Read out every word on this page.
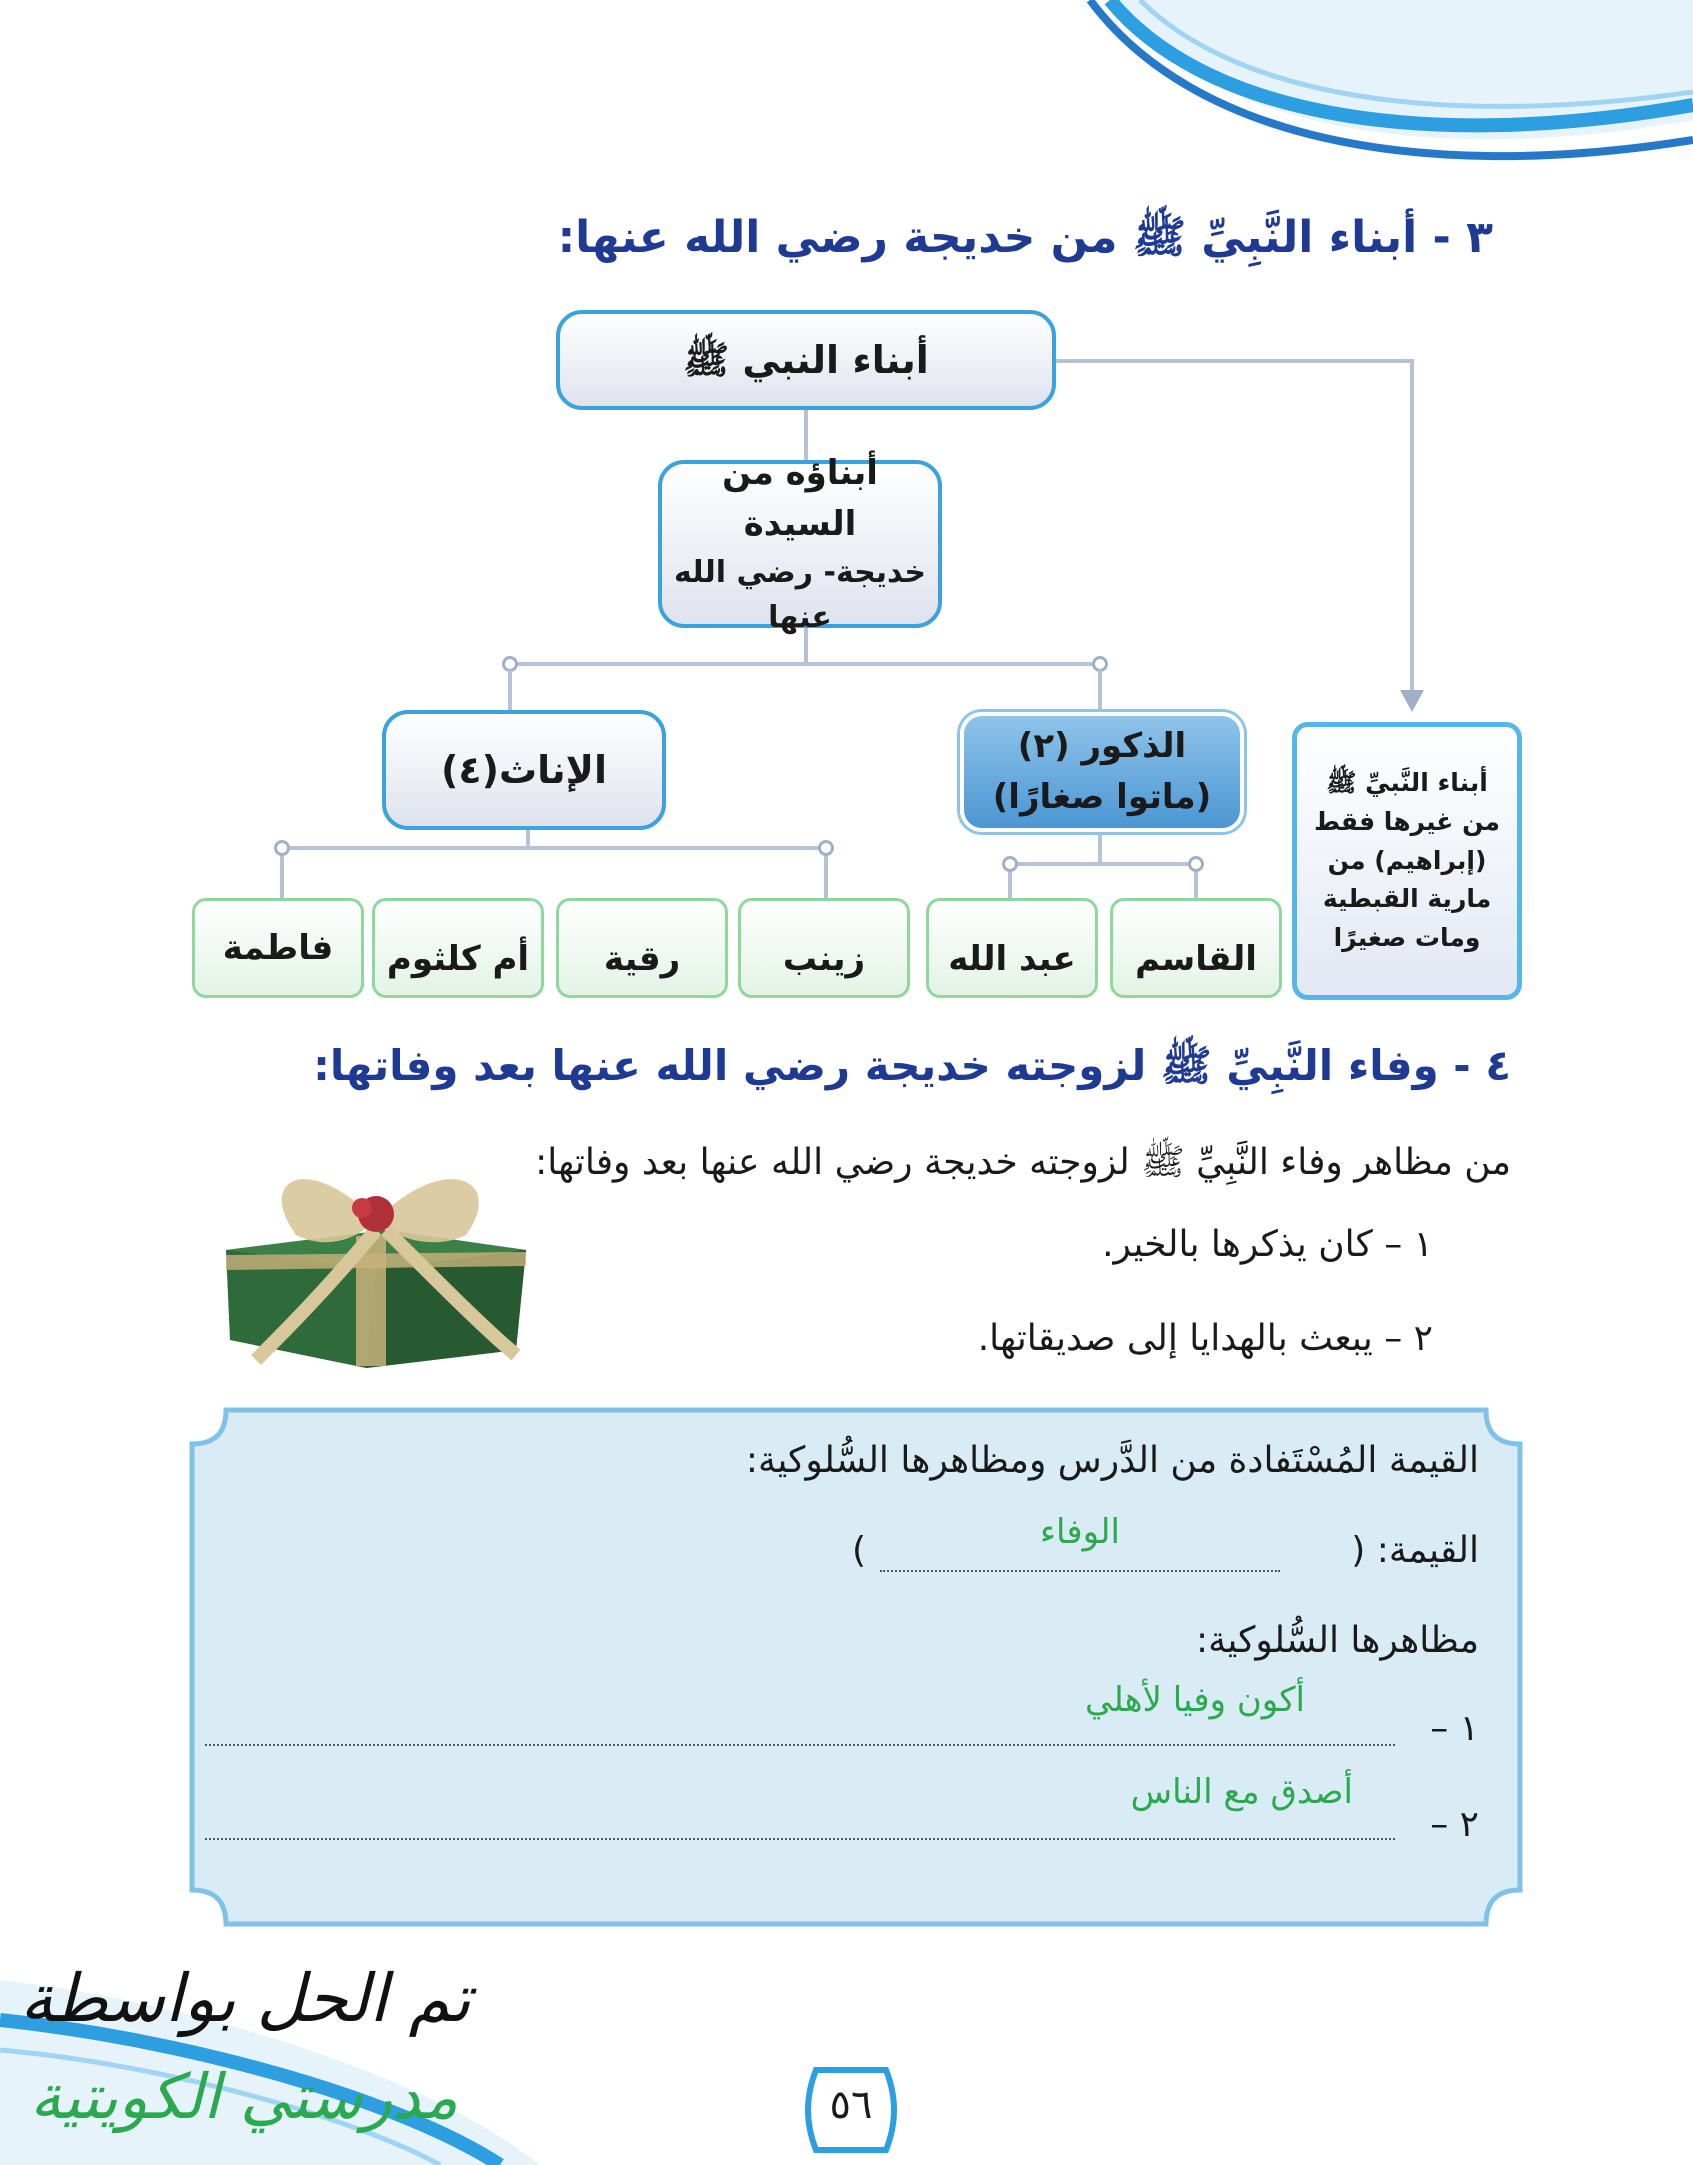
٣ - أبناء النَّبِيِّ ﷺ من خديجة رضي الله عنها:
أبناء النبي ﷺ
أبناؤه من السيدة
خديجة- رضي الله عنها
الإناث(٤)
الذكور (٢)
(ماتوا صغارًا)	أبناء النَّبيِّ ﷺ
من غيرها فقط
(إبراهيم) من
مارية القبطية
ومات صغيرًا
القاسم
عبد الله
زينب
رقية
أم كلثوم
فاطمة
٤ - وفاء النَّبِيِّ ﷺ لزوجته خديجة رضي الله عنها بعد وفاتها:
من مظاهر وفاء النَّبِيِّ ﷺ لزوجته خديجة رضي الله عنها بعد وفاتها:
١ – كان يذكرها بالخير.
٢ – يبعث بالهدايا إلى صديقاتها.
القيمة المُسْتَفادة من الدَّرس ومظاهرها السُّلوكية:
القيمة: (
)	الوفاء
مظاهرها السُّلوكية:
١ –
أكون وفيا لأهلي
٢ –
أصدق مع الناس
تم الحل بواسطة
مدرستي الكويتية	٥٦
